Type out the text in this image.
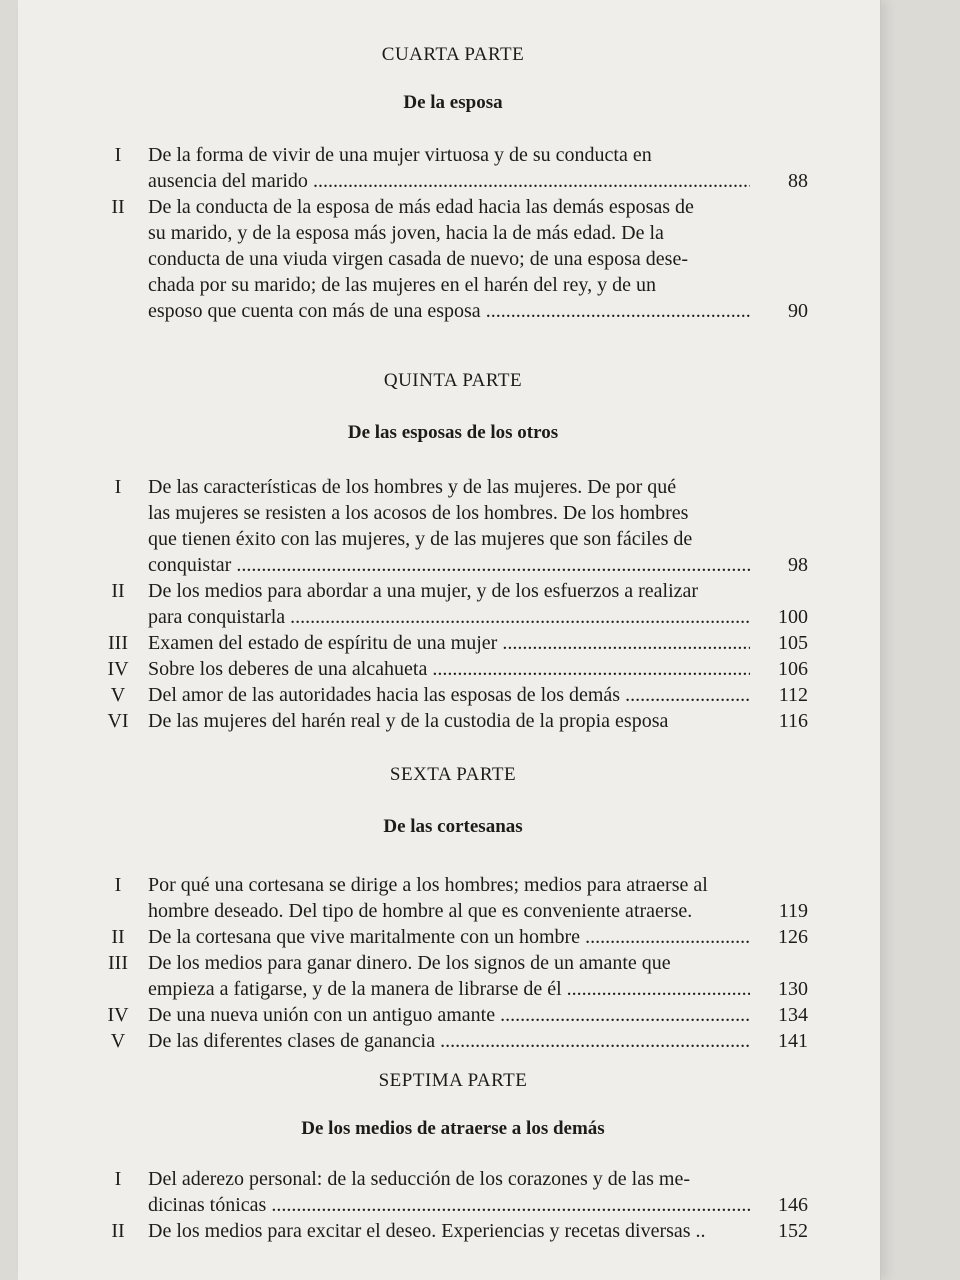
CUARTA PARTE

De la esposa

I	De la forma de vivir de una mujer virtuosa y de su conducta en
ausencia del marido .....	88
II	De la conducta de la esposa de más edad hacia las demás esposas de
su marido, y de la esposa más joven, hacia la de más edad. De la
conducta de una viuda virgen casada de nuevo; de una esposa dese-
chada por su marido; de las mujeres en el harén del rey, y de un
esposo que cuenta con más de una esposa .....	90

QUINTA PARTE

De las esposas de los otros

I	De las características de los hombres y de las mujeres. De por qué
las mujeres se resisten a los acosos de los hombres. De los hombres
que tienen éxito con las mujeres, y de las mujeres que son fáciles de
conquistar .....	98
II	De los medios para abordar a una mujer, y de los esfuerzos a realizar
para conquistarla .....	100
III	Examen del estado de espíritu de una mujer .....	105
IV Sobre los deberes de una alcahueta .....	106
V	Del amor de las autoridades hacia las esposas de los demás .....	112
VI De las mujeres del harén real y de la custodia de la propia esposa	116

SEXTA PARTE

De las cortesanas

I	Por qué una cortesana se dirige a los hombres; medios para atraerse al
hombre deseado. Del tipo de hombre al que es conveniente atraerse.	119
II	De la cortesana que vive maritalmente con un hombre .....	126
III	De los medios para ganar dinero. De los signos de un amante que
empieza a fatigarse, y de la manera de librarse de él .....	130
IV De una nueva unión con un antiguo amante .....	134
V	De las diferentes clases de ganancia .....	141

SEPTIMA PARTE

De los medios de atraerse a los demás

I	Del aderezo personal: de la seducción de los corazones y de las me-
dicinas tónicas .....	146
II	De los medios para excitar el deseo. Experiencias y recetas diversas ..	152
